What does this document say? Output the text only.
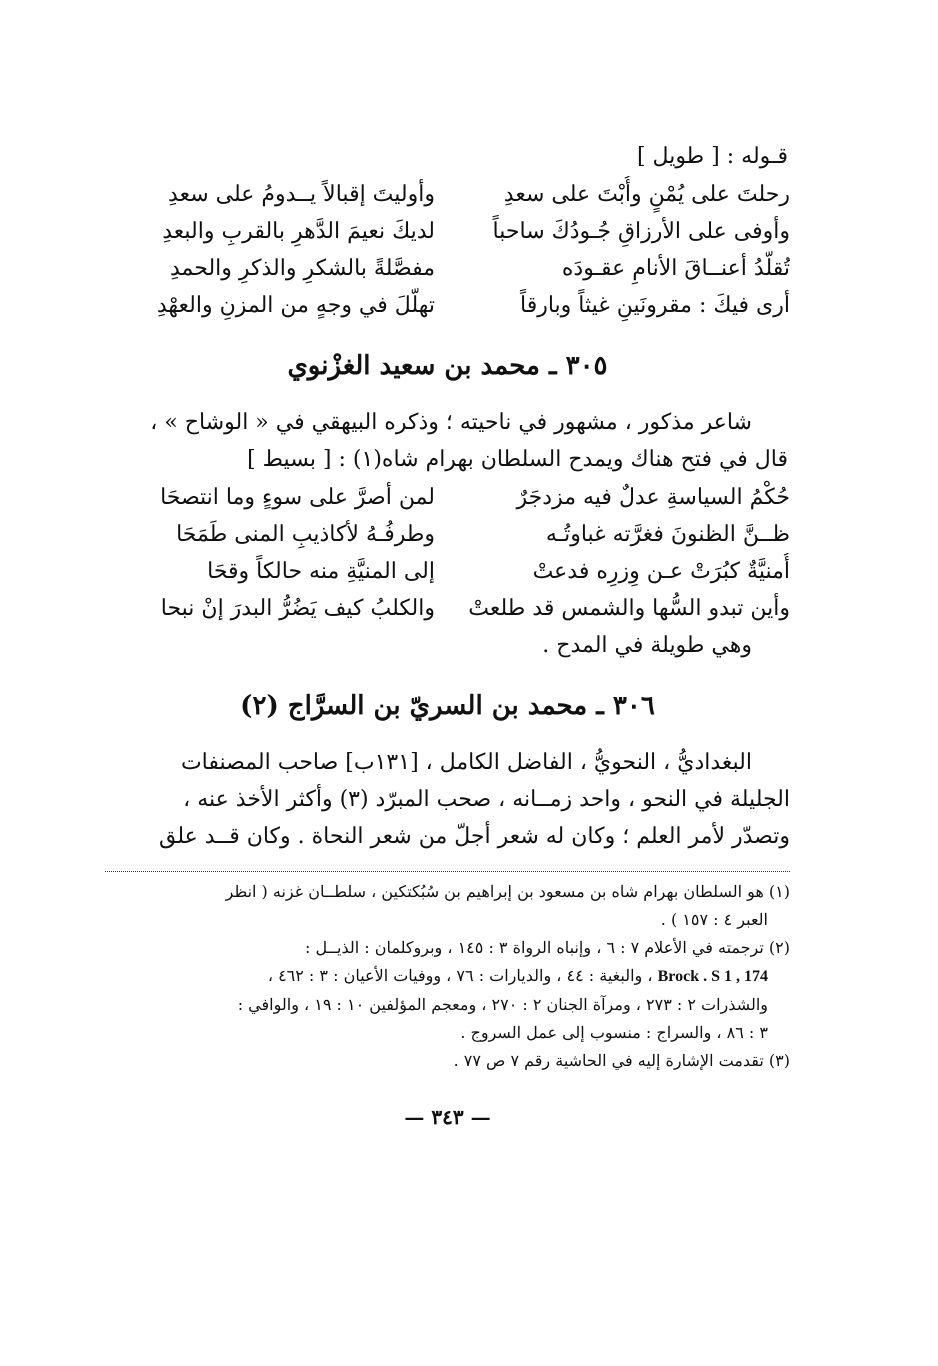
قـوله : [ طويل ]
رحلتَ على يُمْنٍ وأُبْتَ على سعدِ
وأوليتَ إقبالاً يــدومُ على سعدِ
وأوفى على الأرزاقِ جُـودُكَ ساحباً
لديكَ نعيمَ الدَّهرِ بالقربِ والبعدِ
تُقلّدُ أعنــاقَ الأنامِ عقـودَه
مفصَّلةً بالشكرِ والذكرِ والحمدِ
أرى فيكَ : مقرونَينِ غيثاً وبارقاً
تهلّلَ في وجهٍ من المزنِ والعهْدِ
٣٠٥ ـ محمد بن سعيد الغزْنوي

شاعر مذكور ، مشهور في ناحيته ؛ وذكره البيهقي في « الوشاح » ،

قال في فتح هناك ويمدح السلطان بهرام شاه(١) : [ بسيط ]
حُكْمُ السياسةِ عدلٌ فيه مزدجَرٌ
لمن أصرَّ على سوءٍ وما انتصحَا
ظــنَّ الظنونَ فغرَّته غباوتُـه
وطرفُـهُ لأكاذيبِ المنى طَمَحَا
أُمنيَّةٌ كبُرَتْ عـن وِزرِه فدعتْ
إلى المنيَّةِ منه حالكاً وقحَا
وأين تبدو السُّها والشمس قد طلعتْ
والكلبُ كيف يَضُرُّ البدرَ إنْ نبحا

وهي طويلة في المدح .

٣٠٦ ـ محمد بن السريّ بن السرَّاج (٢)

البغداديُّ ، النحويُّ ، الفاضل الكامل ، [١٣١ب] صاحب المصنفات

الجليلة في النحو ، واحد زمــانه ، صحب المبرّد (٣) وأكثر الأخذ عنه ،

وتصدّر لأمر العلم ؛ وكان له شعر أجلّ من شعر النحاة . وكان قــد علق

(١) هو السلطان بهرام شاه بن مسعود بن إبراهيم بن سُبُكتكين ، سلطــان غزنه ( انظر

العبر ٤ : ١٥٧ ) .

(٢) ترجمته في الأعلام ٧ : ٦ ، وإنباه الرواة ٣ : ١٤٥ ، وبروكلمان : الذيــل :

Brock . S 1 , 174 ، والبغية : ٤٤ ، والديارات : ٧٦ ، ووفيات الأعيان : ٣ : ٤٦٢ ،

والشذرات ٢ : ٢٧٣ ، ومرآة الجنان ٢ : ٢٧٠ ، ومعجم المؤلفين ١٠ : ١٩ ، والوافي :

٣ : ٨٦ ، والسراج : منسوب إلى عمل السروج .

(٣) تقدمت الإشارة إليه في الحاشية رقم ٧ ص ٧٧ .

— ٣٤٣ —
